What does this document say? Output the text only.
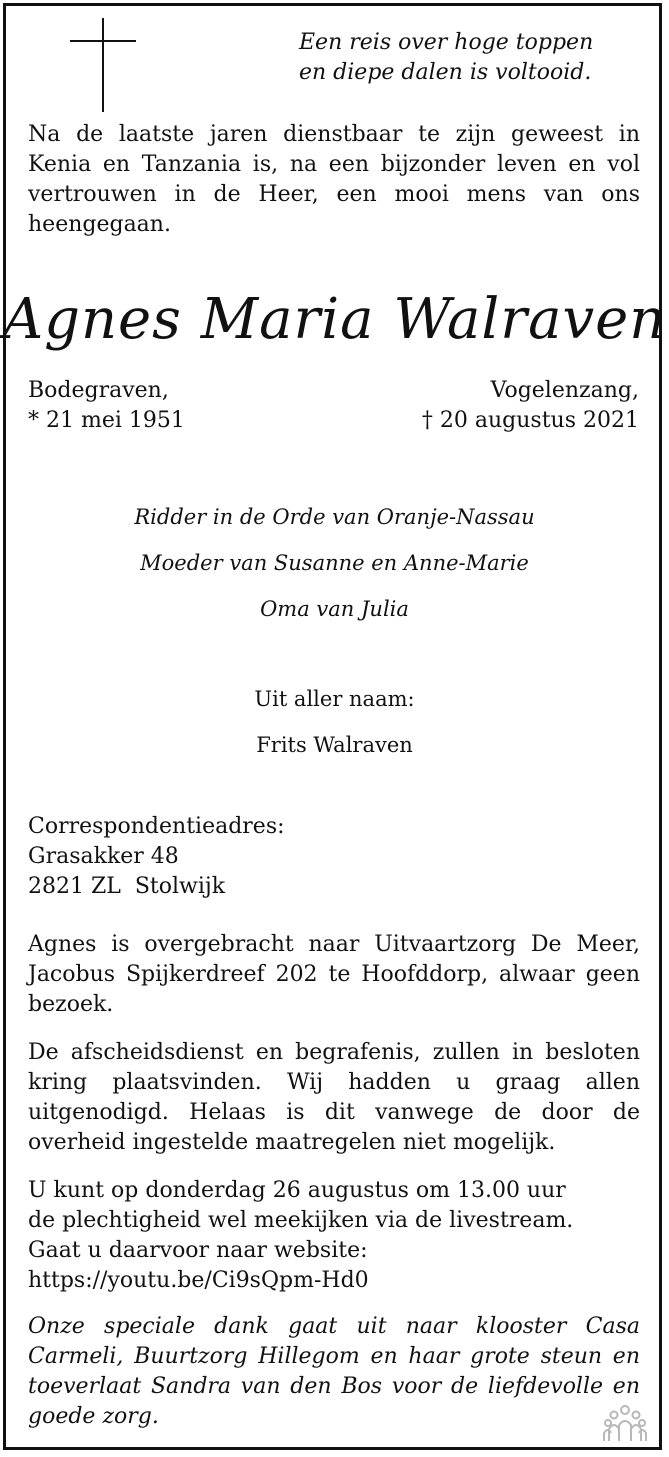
Een reis over hoge toppen
en diepe dalen is voltooid.
Na de laatste jaren dienstbaar te zijn geweest in Kenia en Tanzania is, na een bijzonder leven en vol vertrouwen in de Heer, een mooi mens van ons heengegaan.
Agnes Maria Walraven
Bodegraven,
* 21 mei 1951
Vogelenzang,
† 20 augustus 2021
Ridder in de Orde van Oranje-Nassau
Moeder van Susanne en Anne-Marie
Oma van Julia
Uit aller naam:
Frits Walraven
Correspondentieadres:
Grasakker 48
2821 ZL  Stolwijk
Agnes is overgebracht naar Uitvaartzorg De Meer, Jacobus Spijkerdreef 202 te Hoofddorp, alwaar geen bezoek.
De afscheidsdienst en begrafenis, zullen in besloten kring plaatsvinden. Wij hadden u graag allen uitgenodigd. Helaas is dit vanwege de door de overheid ingestelde maatregelen niet mogelijk.
U kunt op donderdag 26 augustus om 13.00 uur
de plechtigheid wel meekijken via de livestream.
Gaat u daarvoor naar website:
https://youtu.be/Ci9sQpm-Hd0
Onze speciale dank gaat uit naar klooster Casa Carmeli, Buurtzorg Hillegom en haar grote steun en toeverlaat Sandra van den Bos voor de liefdevolle en goede zorg.
